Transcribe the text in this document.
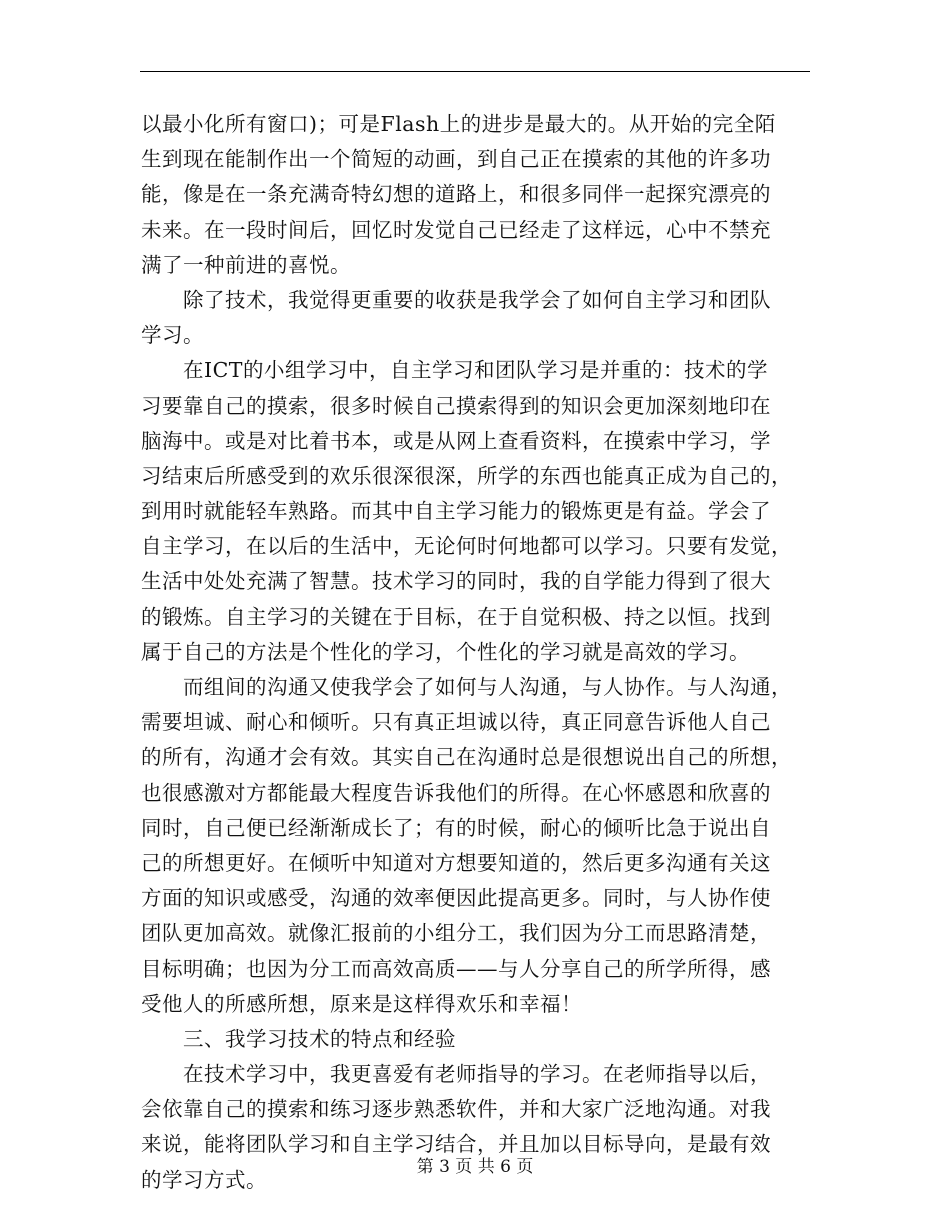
以最小化所有窗口)；可是Flash上的进步是最大的。从开始的完全陌
生到现在能制作出一个简短的动画，到自己正在摸索的其他的许多功
能，像是在一条充满奇特幻想的道路上，和很多同伴一起探究漂亮的
未来。在一段时间后，回忆时发觉自己已经走了这样远，心中不禁充
满了一种前进的喜悦。
　　除了技术，我觉得更重要的收获是我学会了如何自主学习和团队
学习。
　　在ICT的小组学习中，自主学习和团队学习是并重的：技术的学
习要靠自己的摸索，很多时候自己摸索得到的知识会更加深刻地印在
脑海中。或是对比着书本，或是从网上查看资料，在摸索中学习，学
习结束后所感受到的欢乐很深很深，所学的东西也能真正成为自己的，
到用时就能轻车熟路。而其中自主学习能力的锻炼更是有益。学会了
自主学习，在以后的生活中，无论何时何地都可以学习。只要有发觉，
生活中处处充满了智慧。技术学习的同时，我的自学能力得到了很大
的锻炼。自主学习的关键在于目标，在于自觉积极、持之以恒。找到
属于自己的方法是个性化的学习，个性化的学习就是高效的学习。
　　而组间的沟通又使我学会了如何与人沟通，与人协作。与人沟通，
需要坦诚、耐心和倾听。只有真正坦诚以待，真正同意告诉他人自己
的所有，沟通才会有效。其实自己在沟通时总是很想说出自己的所想，
也很感激对方都能最大程度告诉我他们的所得。在心怀感恩和欣喜的
同时，自己便已经渐渐成长了；有的时候，耐心的倾听比急于说出自
己的所想更好。在倾听中知道对方想要知道的，然后更多沟通有关这
方面的知识或感受，沟通的效率便因此提高更多。同时，与人协作使
团队更加高效。就像汇报前的小组分工，我们因为分工而思路清楚，
目标明确；也因为分工而高效高质——与人分享自己的所学所得，感
受他人的所感所想，原来是这样得欢乐和幸福！
　　三、我学习技术的特点和经验
　　在技术学习中，我更喜爱有老师指导的学习。在老师指导以后，
会依靠自己的摸索和练习逐步熟悉软件，并和大家广泛地沟通。对我
来说，能将团队学习和自主学习结合，并且加以目标导向，是最有效
的学习方式。
第 3 页 共 6 页
